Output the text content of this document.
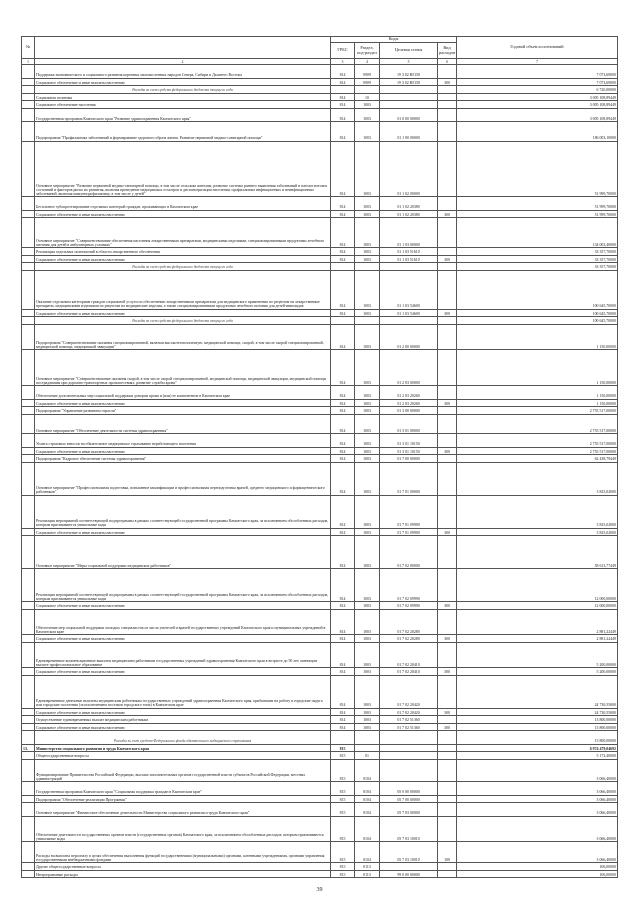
№		Коды				Годовой объем ассигнований
		ГРБС	Раздел, под-раздел	Целевая статья	Вид расходов	
1	2	3	4	5	6	7
	Поддержка экономического и социального развития коренных малочисленных народов Севера, Сибири и Дальнего Востока	814	0909	19 3 02 R5150		7 073,69000
	Социальное обеспечение и иные выплаты населению	814	0909	19 3 02 R5150	300	7 073,69000
	Расходы за счет средств федерального бюджета текущего года					6 720,00000
	Социальная политика	814	10			3 005 108,89449
	Социальное обеспечение населения	814	1003			3 005 108,89449
	Государственная программа Камчатского края "Развитие здравоохранения Камчатского края"	814	1003	01 0 00 00000		3 005 108,89449
	Подпрограмма "Профилактика заболеваний и формирование здорового образа жизни. Развитие первичной медико-санитарной помощи"	814	1003	01 1 00 00000		186 003,10000
	Основное мероприятие "Развитие первичной медико-санитарной помощи, в том числе сельским жителям, развитие системы раннего выявления заболеваний и патологических состояний и факторов риска их развития, включая проведение медицинских осмотров и диспансеризации населения, профилактика инфекционных и неинфекционных заболеваний, включая иммунопрофилактику, в том числе у детей"	814	1003	01 1 02 00000		51 999,70000
	Бесплатное зубопротезирование отдельных категорий граждан, проживающих в Камчатском крае	814	1003	01 1 02 20380		51 999,70000
	Социальное обеспечение и иные выплаты населению	814	1003	01 1 02 20380	300	51 999,70000
	Основное мероприятие "Совершенствование обеспечения населения лекарственными препаратами, медицинскими изделиями, специализированными продуктами лечебного питания для детей в амбулаторных условиях"	814	1003	01 1 03 00000		134 003,40000
	Реализация отдельных полномочий в области лекарственного обеспечения	814	1003	01 1 03 51610		33 357,70000
	Социальное обеспечение и иные выплаты населению	814	1003	01 1 03 51610	300	33 357,70000
	Расходы за счет средств федерального бюджета текущего года					33 357,70000
	Оказание отдельным категориям граждан социальной услуги по обеспечению лекарственными препаратами для медицинского применения по рецептам на лекарственные препараты, медицинскими изделиями по рецептам на медицинские изделия, а также специализированными продуктами лечебного питания для детей-инвалидов	814	1003	01 1 03 54600		100 645,70000
	Социальное обеспечение и иные выплаты населению	814	1003	01 1 03 54600	300	100 645,70000
	Расходы за счет средств федерального бюджета текущего года					100 645,70000
	Подпрограмма "Совершенствование оказания специализированной, включая высокотехнологичную, медицинской помощи, скорой, в том числе скорой специализированной, медицинской помощи, медицинской эвакуации"	814	1003	01 2 00 00000		1 150,00000
	Основное мероприятие "Совершенствование оказания скорой, в том числе скорой специализированной, медицинской помощи, медицинской эвакуации, медицинской помощи пострадавшим при дорожно-транспортных происшествиях, развитие службы крови"	814	1003	01 2 03 00000		1 150,00000
	Обеспечение дополнительных мер социальной поддержки донорам крови и (или) ее компонентов в Камчатском крае	814	1003	01 2 03 20260		1 150,00000
	Социальное обеспечение и иные выплаты населению	814	1003	01 2 03 20260	300	1 150,00000
	Подпрограмма "Управление развитием отрасли"	814	1003	01 3 00 00000		2 755 517,00000
	Основное мероприятие "Обеспечение деятельности системы здравоохранения"	814	1003	01 3 01 00000		2 755 517,00000
	Уплата страховых взносов на обязательное медицинское страхование неработающего населения	814	1003	01 3 01 10150		2 755 517,00000
	Социальное обеспечение и иные выплаты населению	814	1003	01 3 01 10150	300	2 755 517,00000
	Подпрограмма "Кадровое обеспечение системы здравоохранения"	814	1003	01 7 00 00000		62 438,79449
	Основное мероприятие "Профессиональная подготовка, повышение квалификации и профессиональная переподготовка врачей, среднего медицинского и фармацевтического работников"	814	1003	01 7 01 00000		3 825,02000
	Реализация мероприятий соответствующей подпрограммы в рамках соответствующей государственной программы Камчатского края, за исключением обособленных расходов, которым присваиваются уникальные коды	814	1003	01 7 01 09990		3 825,02000
	Социальное обеспечение и иные выплаты населению	814	1003	01 7 01 09990	300	3 825,02000
	Основное мероприятие "Меры социальной поддержки медицинских работников"	814	1003	01 7 02 00000		58 613,77449
	Реализация мероприятий соответствующей подпрограммы в рамках соответствующей государственной программы Камчатского края, за исключением обособленных расходов, которым присваиваются уникальные коды	814	1003	01 7 02 09990		12 000,00000
	Социальное обеспечение и иные выплаты населению	814	1003	01 7 02 09990	300	12 000,00000
	Обеспечение мер социальной поддержки молодых специалистов из числа учителей и врачей государственных учреждений Камчатского края и муниципальных учреждений в Камчатском крае	814	1003	01 7 02 20280		2 881,22449
	Социальное обеспечение и иные выплаты населению	814	1003	01 7 02 20280	300	2 881,22449
	Единовременные компенсационные выплаты медицинским работникам государственных учреждений здравоохранения Камчатского края в возрасте до 50 лет, имеющим высшее профессиональное образование	814	1003	01 7 02 20410		5 200,00000
	Социальное обеспечение и иные выплаты населению	814	1003	01 7 02 20410	300	5 200,00000
	Единовременные денежные выплаты медицинским работникам государственных учреждений здравоохранения Камчатского края, прибывшим на работу в городские округа или городские поселения (за исключением поселков городского типа) в Камчатском крае	814	1003	01 7 02 20420		24 730,55000
	Социальное обеспечение и иные выплаты населению	814	1003	01 7 02 20420	300	24 730,55000
	Осуществление единовременных выплат медицинским работникам	814	1003	01 7 02 51360		13 800,00000
	Социальное обеспечение и иные выплаты населению	814	1003	01 7 02 51360	300	13 800,00000
	Расходы за счет средств Федерального фонда обязательного медицинского страхования					13 800,00000
13.	Министерство социального развития и труда Камчатского края	815				6 974 479,04692
	Общегосударственные вопросы	815	01			5 172,40000
	Функционирование Правительства Российской Федерации, высших исполнительных органов государственной власти субъектов Российской Федерации, местных администраций	815	0104			3 066,40000
	Государственная программа Камчатского края "Социальная поддержка граждан в Камчатском крае"	815	0104	05 0 00 00000		3 066,40000
	Подпрограмма "Обеспечение реализации Программы"	815	0104	05 7 00 00000		3 066,40000
	Основное мероприятие "Финансовое обеспечение деятельности Министерства социального развития и труда Камчатского края"	815	0104	05 7 03 00000		3 066,40000
	Обеспечение деятельности государственных органов власти (государственных органов) Камчатского края, за исключением обособленных расходов, которым присваиваются уникальные коды	815	0104	05 7 03 10010		3 066,40000
	Расходы на выплаты персоналу в целях обеспечения выполнения функций государственными (муниципальными) органами, казенными учреждениями, органами управления государственными внебюджетными фондами	815	0104	05 7 03 10010	100	3 066,40000
	Другие общегосударственные вопросы	815	0113			106,00000
	Непрограммные расходы	815	0113	99 0 00 00000		106,00000
39
